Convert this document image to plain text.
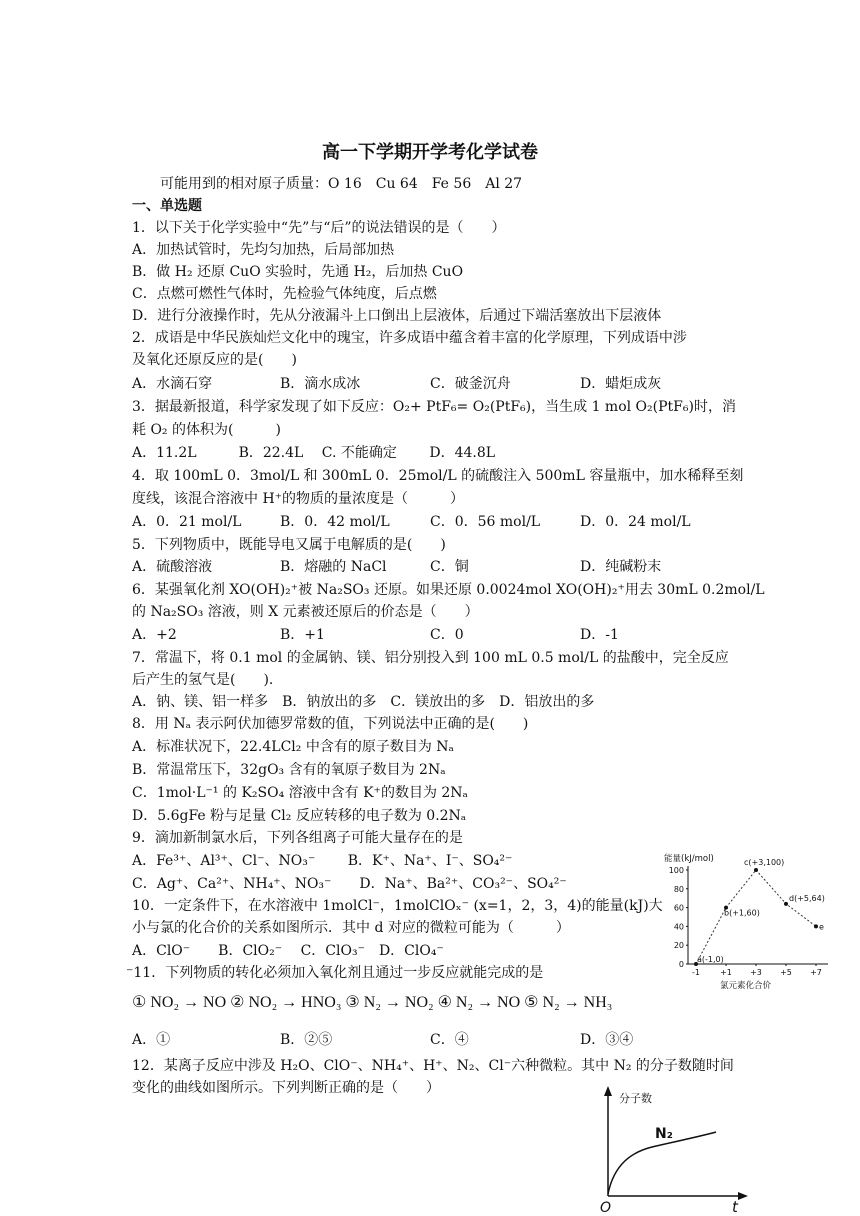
高一下学期开学考化学试卷
可能用到的相对原子质量：O 16　Cu 64　Fe 56　Al 27
一、单选题
1．以下关于化学实验中“先”与“后”的说法错误的是（　　）
A．加热试管时，先均匀加热，后局部加热
B．做 H₂ 还原 CuO 实验时，先通 H₂，后加热 CuO
C．点燃可燃性气体时，先检验气体纯度，后点燃
D．进行分液操作时，先从分液漏斗上口倒出上层液体，后通过下端活塞放出下层液体
2．成语是中华民族灿烂文化中的瑰宝，许多成语中蕴含着丰富的化学原理，下列成语中涉
及氧化还原反应的是(　　)
A．水滴石穿	B．滴水成冰	C．破釜沉舟	D．蜡炬成灰
3．据最新报道，科学家发现了如下反应：O₂+ PtF₆= O₂(PtF₆)，当生成 1 mol O₂(PtF₆)时，消
耗 O₂ 的体积为(　　　)
A．11.2L　　　B．22.4L　 C. 不能确定　　 D．44.8L
4．取 100mL 0．3mol/L 和 300mL 0．25mol/L 的硫酸注入 500mL 容量瓶中，加水稀释至刻
度线，该混合溶液中 H⁺的物质的量浓度是（　　　）
A．0．21 mol/L	B．0．42 mol/L	C．0．56 mol/L	D．0．24 mol/L
5．下列物质中，既能导电又属于电解质的是(　　)
A．硫酸溶液	B．熔融的 NaCl	C．铜	D．纯碱粉末
6．某强氧化剂 XO(OH)₂⁺被 Na₂SO₃ 还原。如果还原 0.0024mol XO(OH)₂⁺用去 30mL 0.2mol/L
的 Na₂SO₃ 溶液，则 X 元素被还原后的价态是（　　）
A．+2	B．+1	C．0	D．-1
7．常温下，将 0.1 mol 的金属钠、镁、铝分别投入到 100 mL 0.5 mol/L 的盐酸中，完全反应
后产生的氢气是(　　).
A．钠、镁、铝一样多　B．钠放出的多　C．镁放出的多　D．铝放出的多
8．用 Nₐ 表示阿伏加德罗常数的值，下列说法中正确的是(　　)
A．标准状况下，22.4LCl₂ 中含有的原子数目为 Nₐ
B．常温常压下，32gO₃ 含有的氧原子数目为 2Nₐ
C．1mol·L⁻¹ 的 K₂SO₄ 溶液中含有 K⁺的数目为 2Nₐ
D．5.6gFe 粉与足量 Cl₂ 反应转移的电子数为 0.2Nₐ
9．滴加新制氯水后，下列各组离子可能大量存在的是
A．Fe³⁺、Al³⁺、Cl⁻、NO₃⁻　　 B．K⁺、Na⁺、I⁻、SO₄²⁻
C．Ag⁺、Ca²⁺、NH₄⁺、NO₃⁻　　D．Na⁺、Ba²⁺、CO₃²⁻、SO₄²⁻
10．一定条件下，在水溶液中 1molCl⁻，1molClOₓ⁻ (x=1，2，3，4)的能量(kJ)大
小与氯的化合价的关系如图所示．其中 d 对应的微粒可能为（　　　）
A．ClO⁻　　B．ClO₂⁻　 C．ClO₃⁻　D．ClO₄⁻
⁻11．下列物质的转化必须加入氧化剂且通过一步反应就能完成的是
① NO₂ → NO ② NO₂ → HNO₃ ③ N₂ → NO₂ ④ N₂ → NO ⑤ N₂ → NH₃
A．①	B．②⑤	C．④	D．③④
12．某离子反应中涉及 H₂O、ClO⁻、NH₄⁺、H⁺、N₂、Cl⁻六种微粒。其中 N₂ 的分子数随时间
变化的曲线如图所示。下列判断正确的是（　　）
0
20
40
60
80
100
-1	+1 +3 +5 +7
能量(kJ/mol)
氯元素化合价
a(-1,0)
b(+1,60)
c(+3,100)
d(+5,64)
e
分子数
N₂
O	t
